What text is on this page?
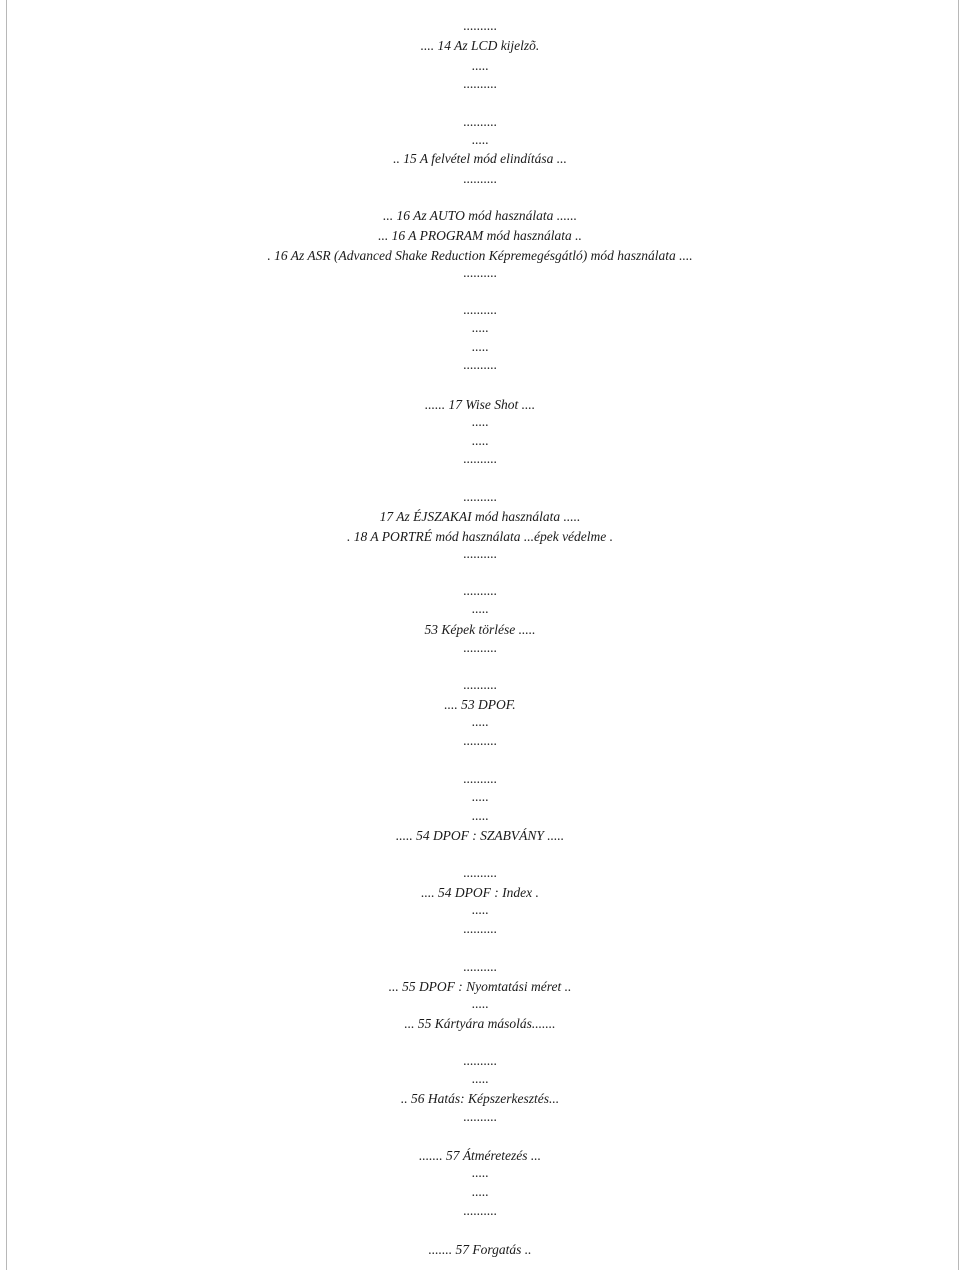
..........
.... 14 Az LCD kijelzõ.
.....
..........
..........
.....
.. 15 A felvétel mód elindítása ...
..........
... 16 Az AUTO mód használata ......
... 16 A PROGRAM mód használata ..
. 16 Az ASR (Advanced Shake Reduction Képremegésgátló) mód használata ....
..........
..........
.....
.....
..........
...... 17 Wise Shot ....
.....
.....
..........
..........
17 Az ÉJSZAKAI mód használata .....
. 18 A PORTRÉ mód használata ...épek védelme .
..........
..........
.....
53 Képek törlése .....
..........
..........
.... 53 DPOF.
.....
..........
..........
.....
.....
..... 54 DPOF : SZABVÁNY .....
..........
.... 54 DPOF : Index .
.....
..........
..........
... 55 DPOF : Nyomtatási méret ..
.....
... 55 Kártyára másolás.......
..........
.....
.. 56 Hatás: Képszerkesztés...
..........
....... 57 Átméretezés ...
.....
.....
..........
....... 57 Forgatás ..
